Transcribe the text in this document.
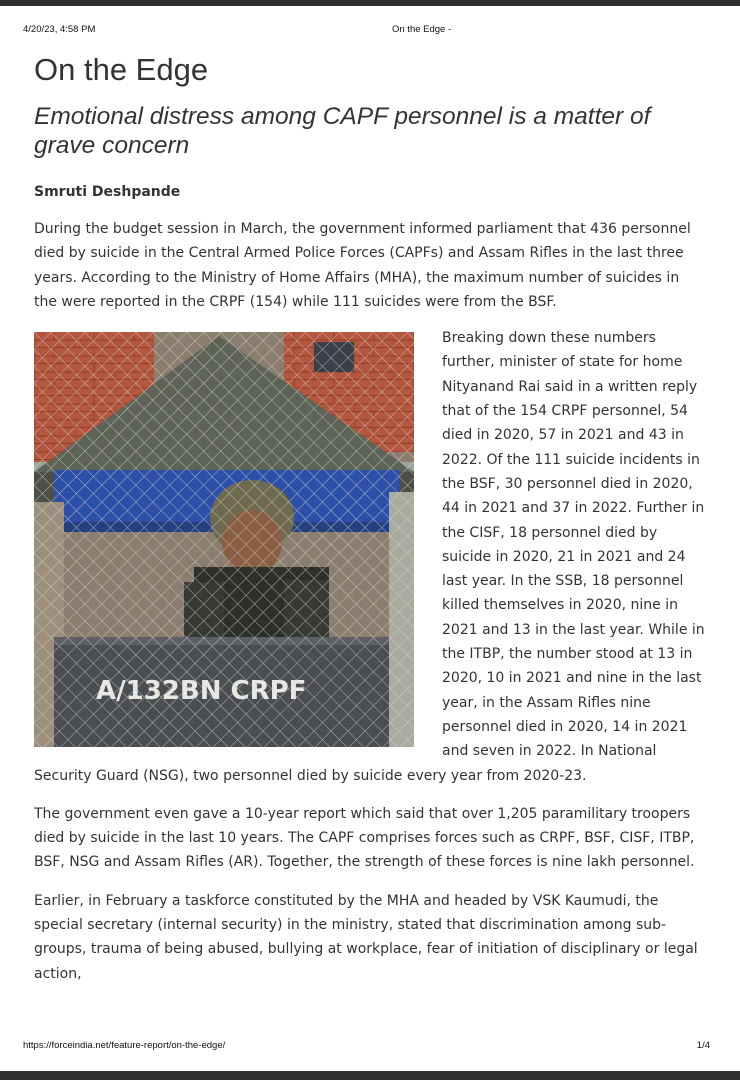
4/20/23, 4:58 PM	On the Edge -
On the Edge
Emotional distress among CAPF personnel is a matter of grave concern
Smruti Deshpande

During the budget session in March, the government informed parliament that 436 personnel died by suicide in the Central Armed Police Forces (CAPFs) and Assam Rifles in the last three years. According to the Ministry of Home Affairs (MHA), the maximum number of suicides in the were reported in the CRPF (154) while 111 suicides were from the BSF.

Breaking down these numbers further, minister of state for home Nityanand Rai said in a written reply that of the 154 CRPF personnel, 54 died in 2020, 57 in 2021 and 43 in 2022. Of the 111 suicide incidents in the BSF, 30 personnel died in 2020, 44 in 2021 and 37 in 2022. Further in the CISF, 18 personnel died by suicide in 2020, 21 in 2021 and 24 last year. In the SSB, 18 personnel killed themselves in 2020, nine in 2021 and 13 in the last year. While in the ITBP, the number stood at 13 in 2020, 10 in 2021 and nine in the last year, in the Assam Rifles nine personnel died in 2020, 14 in 2021 and seven in 2022. In National Security Guard (NSG), two personnel died by suicide every year from 2020-23.

The government even gave a 10-year report which said that over 1,205 paramilitary troopers died by suicide in the last 10 years. The CAPF comprises forces such as CRPF, BSF, CISF, ITBP, BSF, NSG and Assam Rifles (AR). Together, the strength of these forces is nine lakh personnel.

Earlier, in February a taskforce constituted by the MHA and headed by VSK Kaumudi, the special secretary (internal security) in the ministry, stated that discrimination among sub-groups, trauma of being abused, bullying at workplace, fear of initiation of disciplinary or legal action,

https://forceindia.net/feature-report/on-the-edge/	1/4
